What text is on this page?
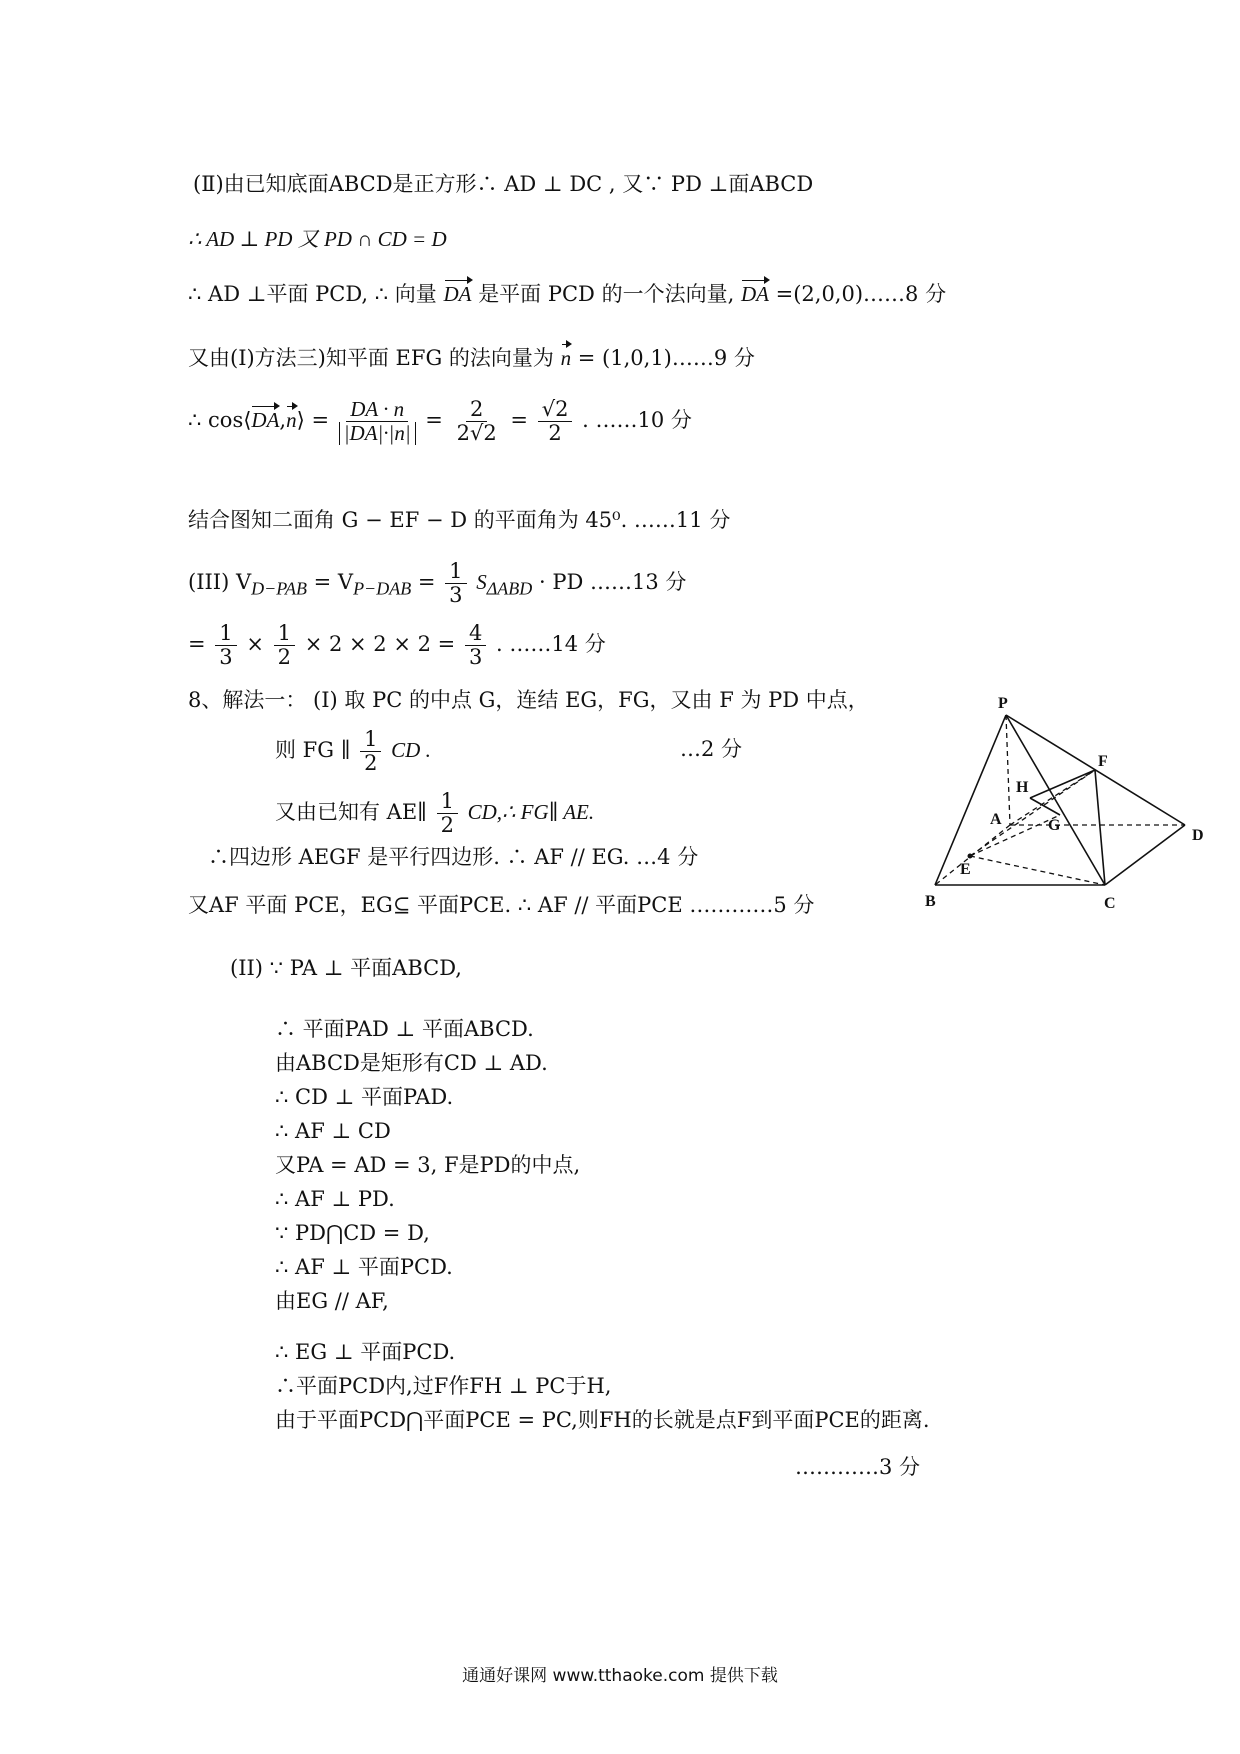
(Ⅱ)由已知底面ABCD是正方形∴ AD ⊥ DC , 又∵ PD ⊥面ABCD
∴ AD ⊥ PD 又 PD ∩ CD = D
∴ AD ⊥平面 PCD, ∴ 向量 DA 是平面 PCD 的一个法向量, DA =(2,0,0)……8 分
又由(Ⅰ)方法三)知平面 EFG 的法向量为 n = (1,0,1)……9 分
∴ cos⟨DA,n⟩ = $\frac{DA \cdot n}{|DA|\cdot|n|} = \frac{2}{2√2} = \frac{√2}{2}$ . ……10 分
结合图知二面角 G − EF − D 的平面角为 45⁰. ……11 分
(III) $V_{D-PAB} = V_{P-DAB} = \frac{1}{3} S_{\Delta ABD}$ · PD ……13 分
= $\frac{1}{3} \times \frac{1}{2} \times 2 \times 2 \times 2 = \frac{4}{3}$ . ……14 分
8、解法一： (I) 取 PC 的中点 G，连结 EG，FG，又由 F 为 PD 中点，
则 FG ∥ $\frac{1}{2}$ CD .	…2 分
又由已知有 AE∥ $\frac{1}{2}$ CD,∴ FG∥ AE.
∴四边形 AEGF 是平行四边形. ∴ AF // EG. …4 分
又AF 平面 PCE，EG⊆ 平面PCE. ∴ AF // 平面PCE …………5 分
(II) ∵ PA ⊥ 平面ABCD,
∴ 平面PAD ⊥ 平面ABCD.
由ABCD是矩形有CD ⊥ AD.
∴ CD ⊥ 平面PAD.
∴ AF ⊥ CD
又PA = AD = 3, F是PD的中点,
∴ AF ⊥ PD.
∵ PD⋂CD = D,
∴ AF ⊥ 平面PCD.
由EG // AF,
∴ EG ⊥ 平面PCD.
∴平面PCD内,过F作FH ⊥ PC于H,
由于平面PCD⋂平面PCE = PC,则FH的长就是点F到平面PCE的距离.
…………3 分
P
F
H
G
A
E
D
B	C
通通好课网 www.tthaoke.com 提供下载
